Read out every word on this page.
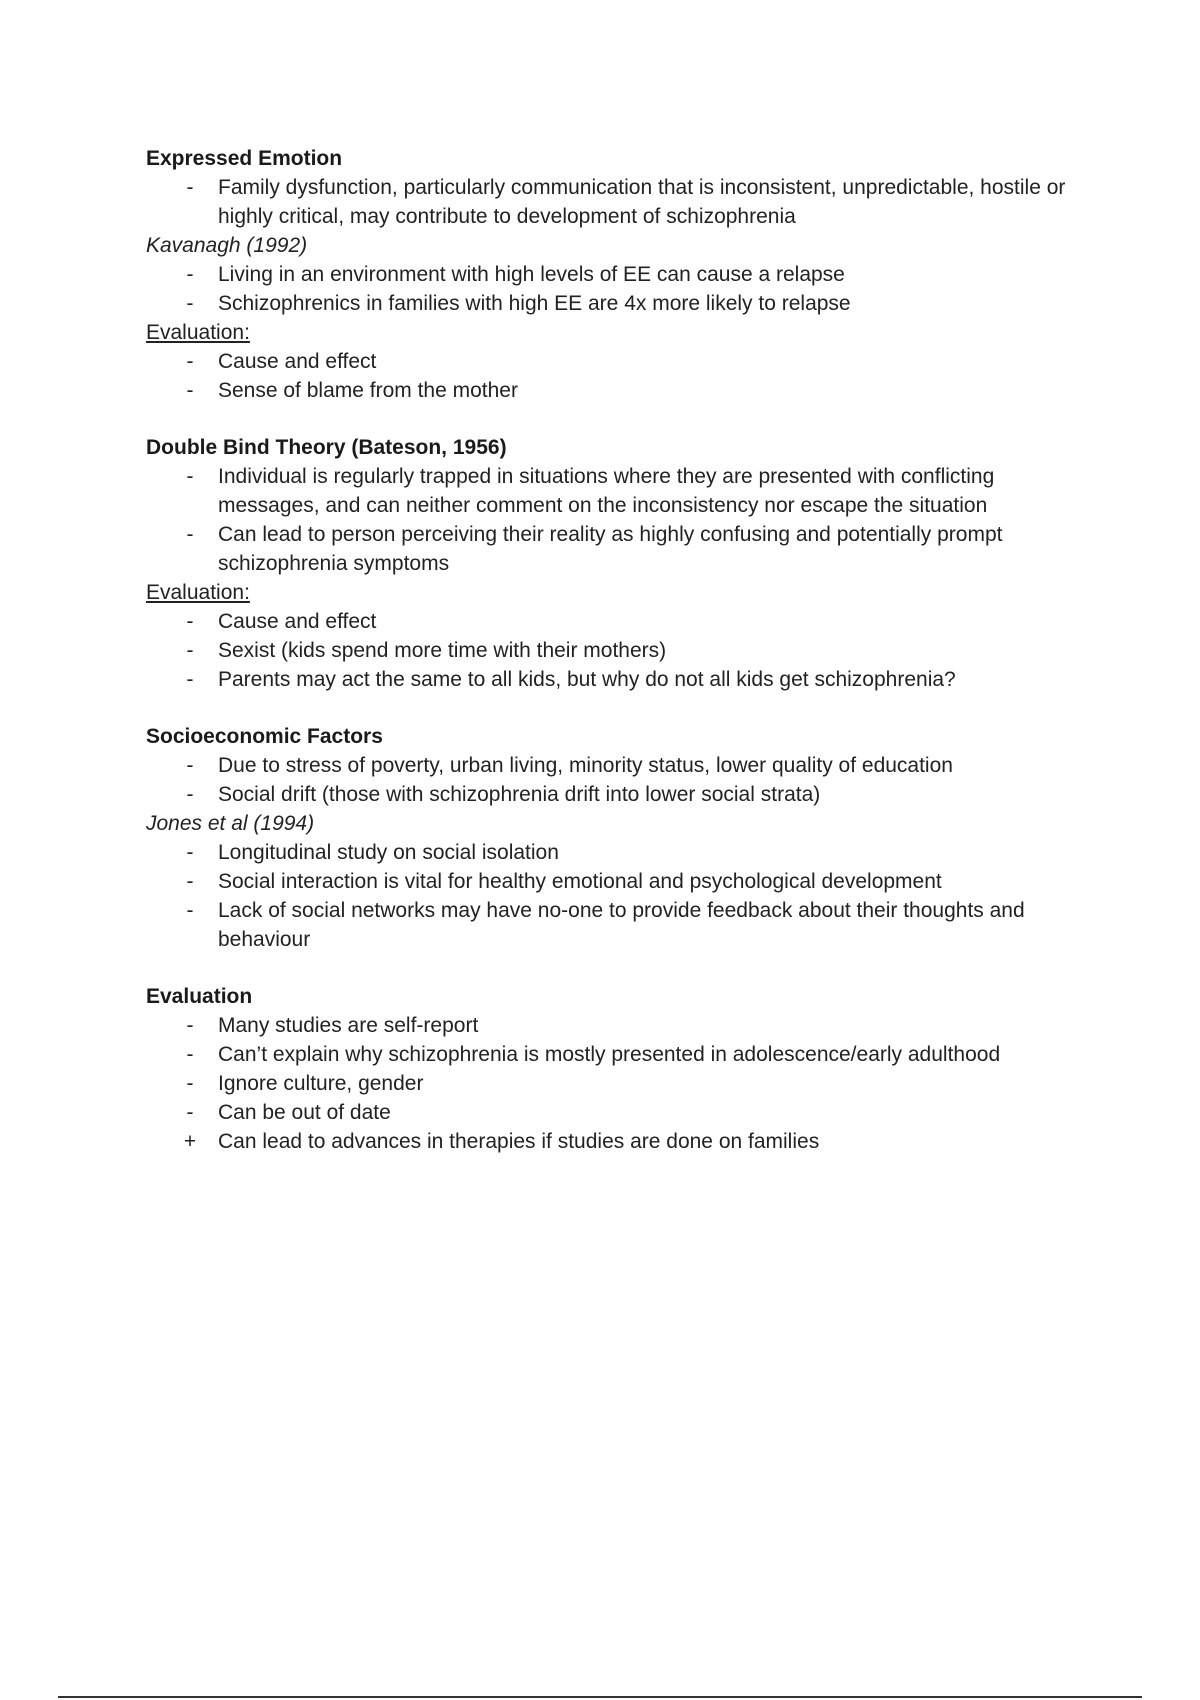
Expressed Emotion
- Family dysfunction, particularly communication that is inconsistent, unpredictable, hostile or highly critical, may contribute to development of schizophrenia
Kavanagh (1992)
- Living in an environment with high levels of EE can cause a relapse
- Schizophrenics in families with high EE are 4x more likely to relapse
Evaluation:
- Cause and effect
- Sense of blame from the mother
Double Bind Theory (Bateson, 1956)
- Individual is regularly trapped in situations where they are presented with conflicting messages, and can neither comment on the inconsistency nor escape the situation
- Can lead to person perceiving their reality as highly confusing and potentially prompt schizophrenia symptoms
Evaluation:
- Cause and effect
- Sexist (kids spend more time with their mothers)
- Parents may act the same to all kids, but why do not all kids get schizophrenia?
Socioeconomic Factors
- Due to stress of poverty, urban living, minority status, lower quality of education
- Social drift (those with schizophrenia drift into lower social strata)
Jones et al (1994)
- Longitudinal study on social isolation
- Social interaction is vital for healthy emotional and psychological development
- Lack of social networks may have no-one to provide feedback about their thoughts and behaviour
Evaluation
- Many studies are self-report
- Can’t explain why schizophrenia is mostly presented in adolescence/early adulthood
- Ignore culture, gender
- Can be out of date
+ Can lead to advances in therapies if studies are done on families
